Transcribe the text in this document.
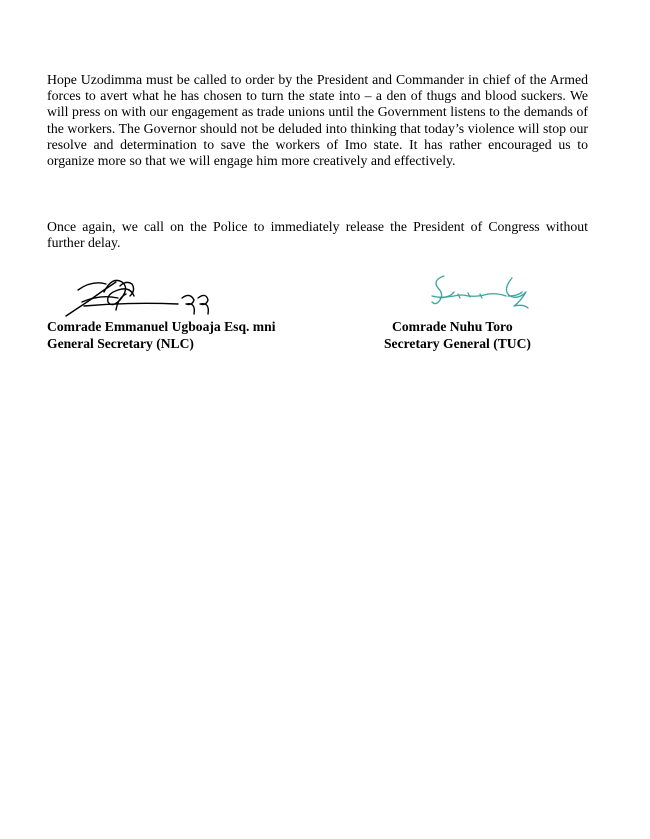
Hope Uzodimma must be called to order by the President and Commander in chief of the Armed forces to avert what he has chosen to turn the state into – a den of thugs and blood suckers. We will press on with our engagement as trade unions until the Government listens to the demands of the workers. The Governor should not be deluded into thinking that today’s violence will stop our resolve and determination to save the workers of Imo state. It has rather encouraged us to organize more so that we will engage him more creatively and effectively.

Once again, we call on the Police to immediately release the President of Congress without further delay.

Comrade Emmanuel Ugboaja Esq. mni
General Secretary (NLC)
Comrade Nuhu Toro
Secretary General (TUC)
